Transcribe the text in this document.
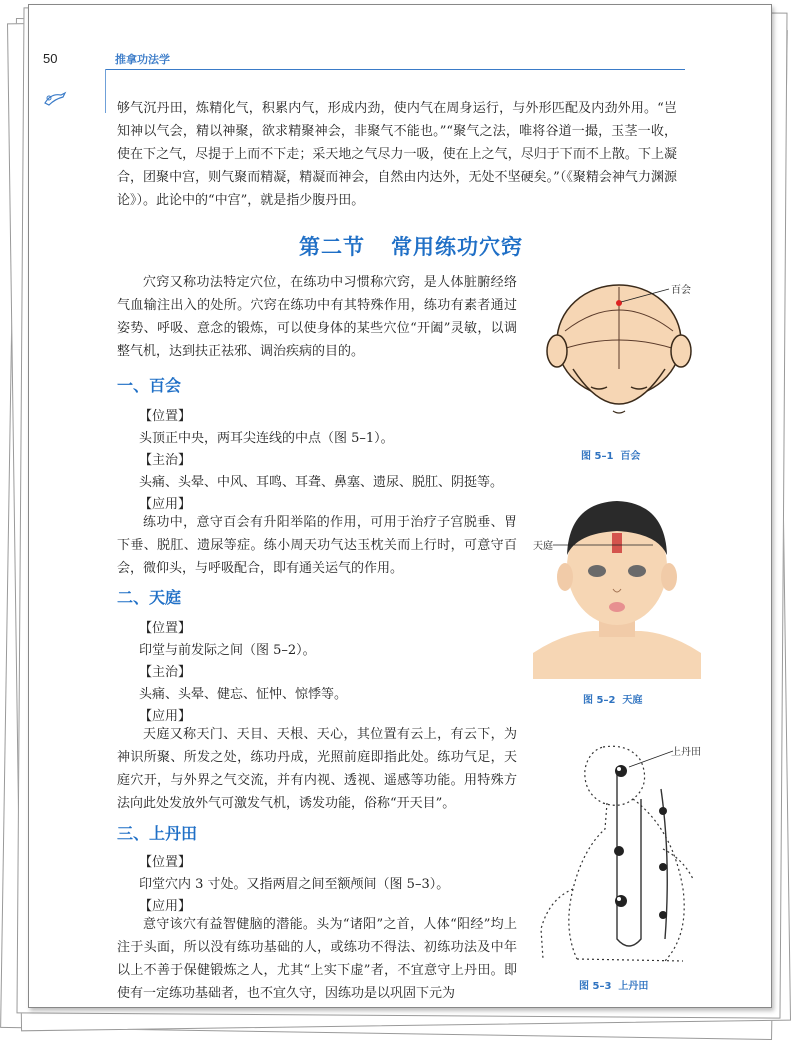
50	推拿功法学
够气沉丹田，炼精化气，积累内气，形成内劲，使内气在周身运行，与外形匹配及内劲外用。“岂知神以气会，精以神聚，欲求精聚神会，非聚气不能也。”“聚气之法，唯将谷道一撮，玉茎一收，使在下之气，尽提于上而不下走；采天地之气尽力一吸，使在上之气，尽归于下而不上散。下上凝合，团聚中宫，则气聚而精凝，精凝而神会，自然由内达外，无处不坚硬矣。”（《聚精会神气力渊源论》）。此论中的“中宫”，就是指少腹丹田。
第二节 常用练功穴窍
穴窍又称功法特定穴位，在练功中习惯称穴窍，是人体脏腑经络气血输注出入的处所。穴窍在练功中有其特殊作用，练功有素者通过姿势、呼吸、意念的锻炼，可以使身体的某些穴位“开阖”灵敏，以调整气机，达到扶正祛邪、调治疾病的目的。
一、百会
【位置】
头顶正中央，两耳尖连线的中点（图 5–1）。
【主治】
头痛、头晕、中风、耳鸣、耳聋、鼻塞、遗尿、脱肛、阴挺等。
【应用】
练功中，意守百会有升阳举陷的作用，可用于治疗子宫脱垂、胃下垂、脱肛、遗尿等症。练小周天功气达玉枕关而上行时，可意守百会，微仰头，与呼吸配合，即有通关运气的作用。
二、天庭
【位置】
印堂与前发际之间（图 5–2）。
【主治】
头痛、头晕、健忘、怔忡、惊悸等。
【应用】
天庭又称天门、天目、天根、天心，其位置有云上，有云下，为神识所聚、所发之处，练功丹成，光照前庭即指此处。练功气足，天庭穴开，与外界之气交流，并有内视、透视、遥感等功能。用特殊方法向此处发放外气可激发气机，诱发功能，俗称“开天目”。
三、上丹田
【位置】
印堂穴内 3 寸处。又指两眉之间至额颅间（图 5–3）。
【应用】
意守该穴有益智健脑的潜能。头为“诸阳”之首，人体“阳经”均上注于头面，所以没有练功基础的人，或练功不得法、初练功法及中年以上不善于保健锻炼之人，尤其“上实下虚”者，不宜意守上丹田。即使有一定练功基础者，也不宜久守，因练功是以巩固下元为
百会
图 5–1 百会
天庭
图 5–2 天庭
上丹田
图 5–3 上丹田
